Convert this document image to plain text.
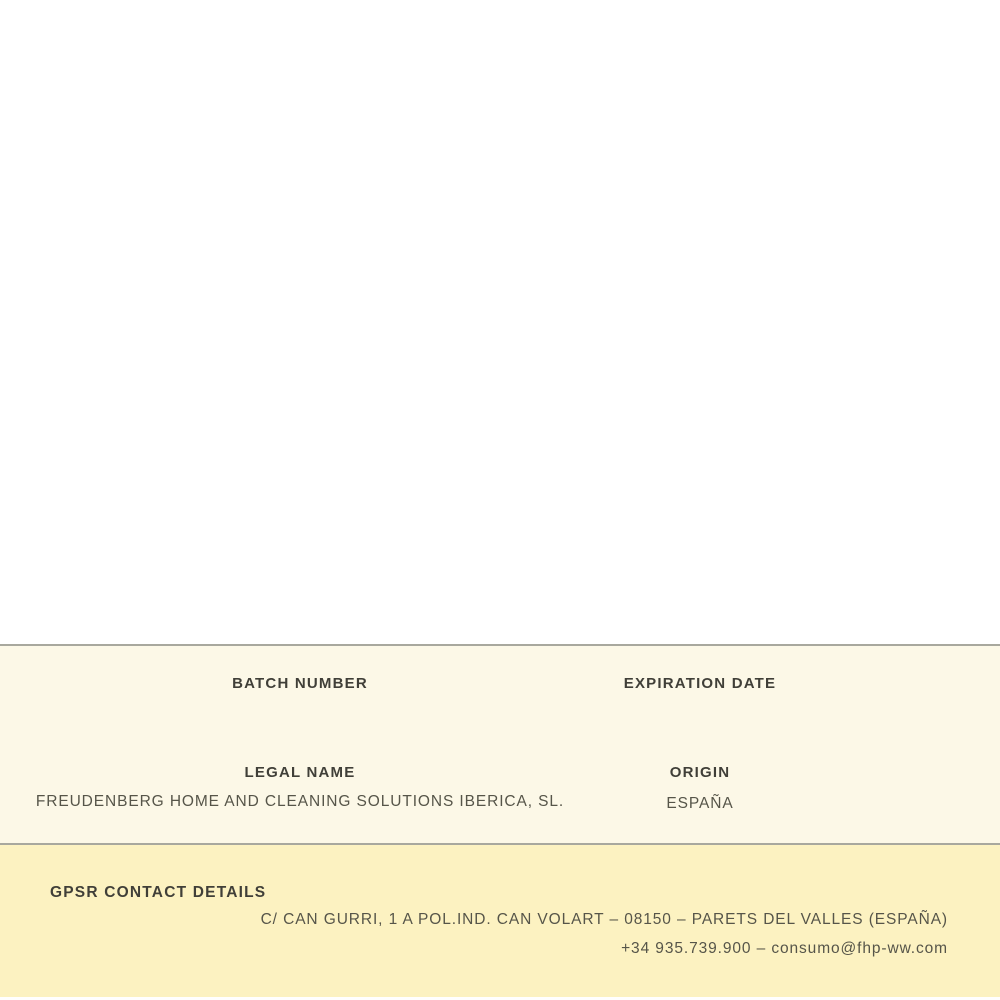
BATCH NUMBER	EXPIRATION DATE
LEGAL NAME
FREUDENBERG HOME AND CLEANING SOLUTIONS IBERICA, SL.
ORIGIN
ESPAÑA
GPSR CONTACT DETAILS
C/ CAN GURRI, 1 A POL.IND. CAN VOLART – 08150 – PARETS DEL VALLES (ESPAÑA)
+34 935.739.900 – consumo@fhp-ww.com
